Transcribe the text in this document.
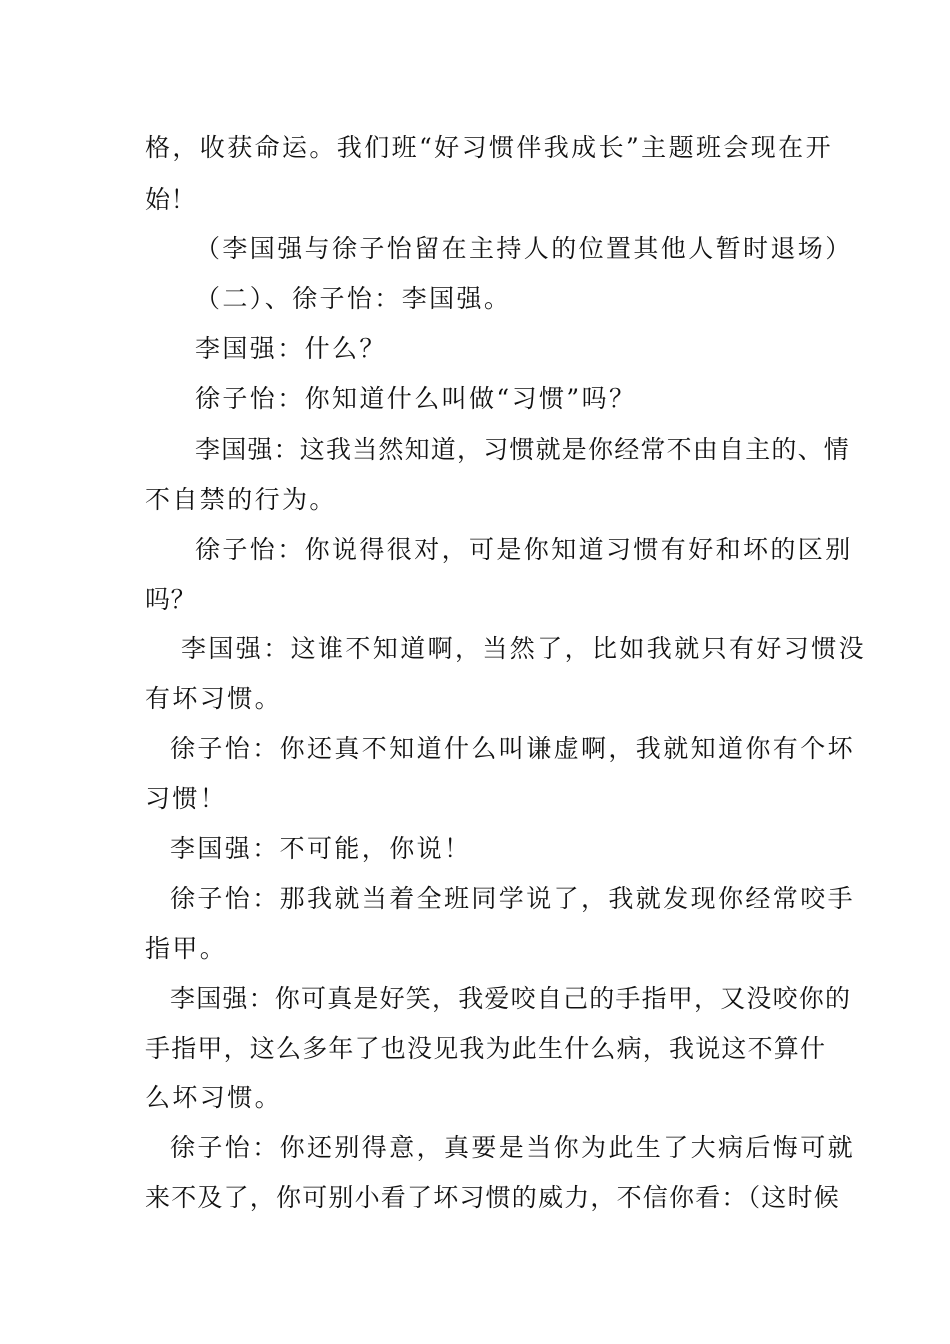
格，收获命运。我们班“好习惯伴我成长”主题班会现在开
始！
（李国强与徐子怡留在主持人的位置其他人暂时退场）
（二）、徐子怡：李国强。
李国强：什么？
徐子怡：你知道什么叫做“习惯”吗？
李国强：这我当然知道，习惯就是你经常不由自主的、情
不自禁的行为。
徐子怡：你说得很对，可是你知道习惯有好和坏的区别
吗？
李国强：这谁不知道啊，当然了，比如我就只有好习惯没
有坏习惯。
徐子怡：你还真不知道什么叫谦虚啊，我就知道你有个坏
习惯！
李国强：不可能，你说！
徐子怡：那我就当着全班同学说了，我就发现你经常咬手
指甲。
李国强：你可真是好笑，我爱咬自己的手指甲，又没咬你的
手指甲，这么多年了也没见我为此生什么病，我说这不算什
么坏习惯。
徐子怡：你还别得意，真要是当你为此生了大病后悔可就
来不及了，你可别小看了坏习惯的威力，不信你看：（这时候
